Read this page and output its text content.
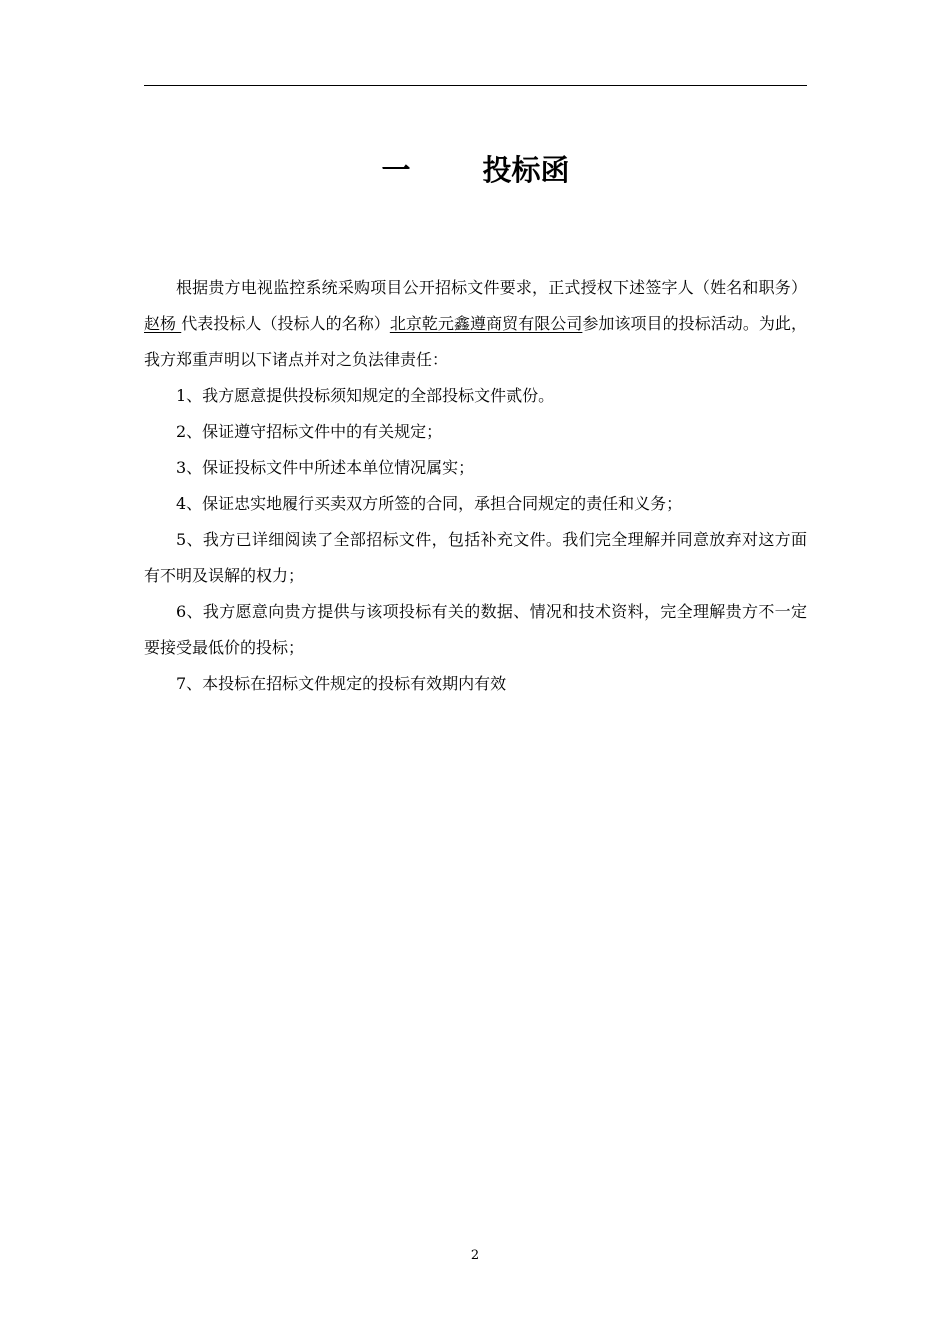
一 投标函

根据贵方电视监控系统采购项目公开招标文件要求，正式授权下述签字人（姓名和职务）赵杨 代表投标人（投标人的名称）北京乾元鑫遵商贸有限公司参加该项目的投标活动。为此，我方郑重声明以下诸点并对之负法律责任：

1、我方愿意提供投标须知规定的全部投标文件贰份。

2、保证遵守招标文件中的有关规定；

3、保证投标文件中所述本单位情况属实；

4、保证忠实地履行买卖双方所签的合同，承担合同规定的责任和义务；

5、我方已详细阅读了全部招标文件，包括补充文件。我们完全理解并同意放弃对这方面有不明及误解的权力；

6、我方愿意向贵方提供与该项投标有关的数据、情况和技术资料，完全理解贵方不一定要接受最低价的投标；

7、本投标在招标文件规定的投标有效期内有效

2
